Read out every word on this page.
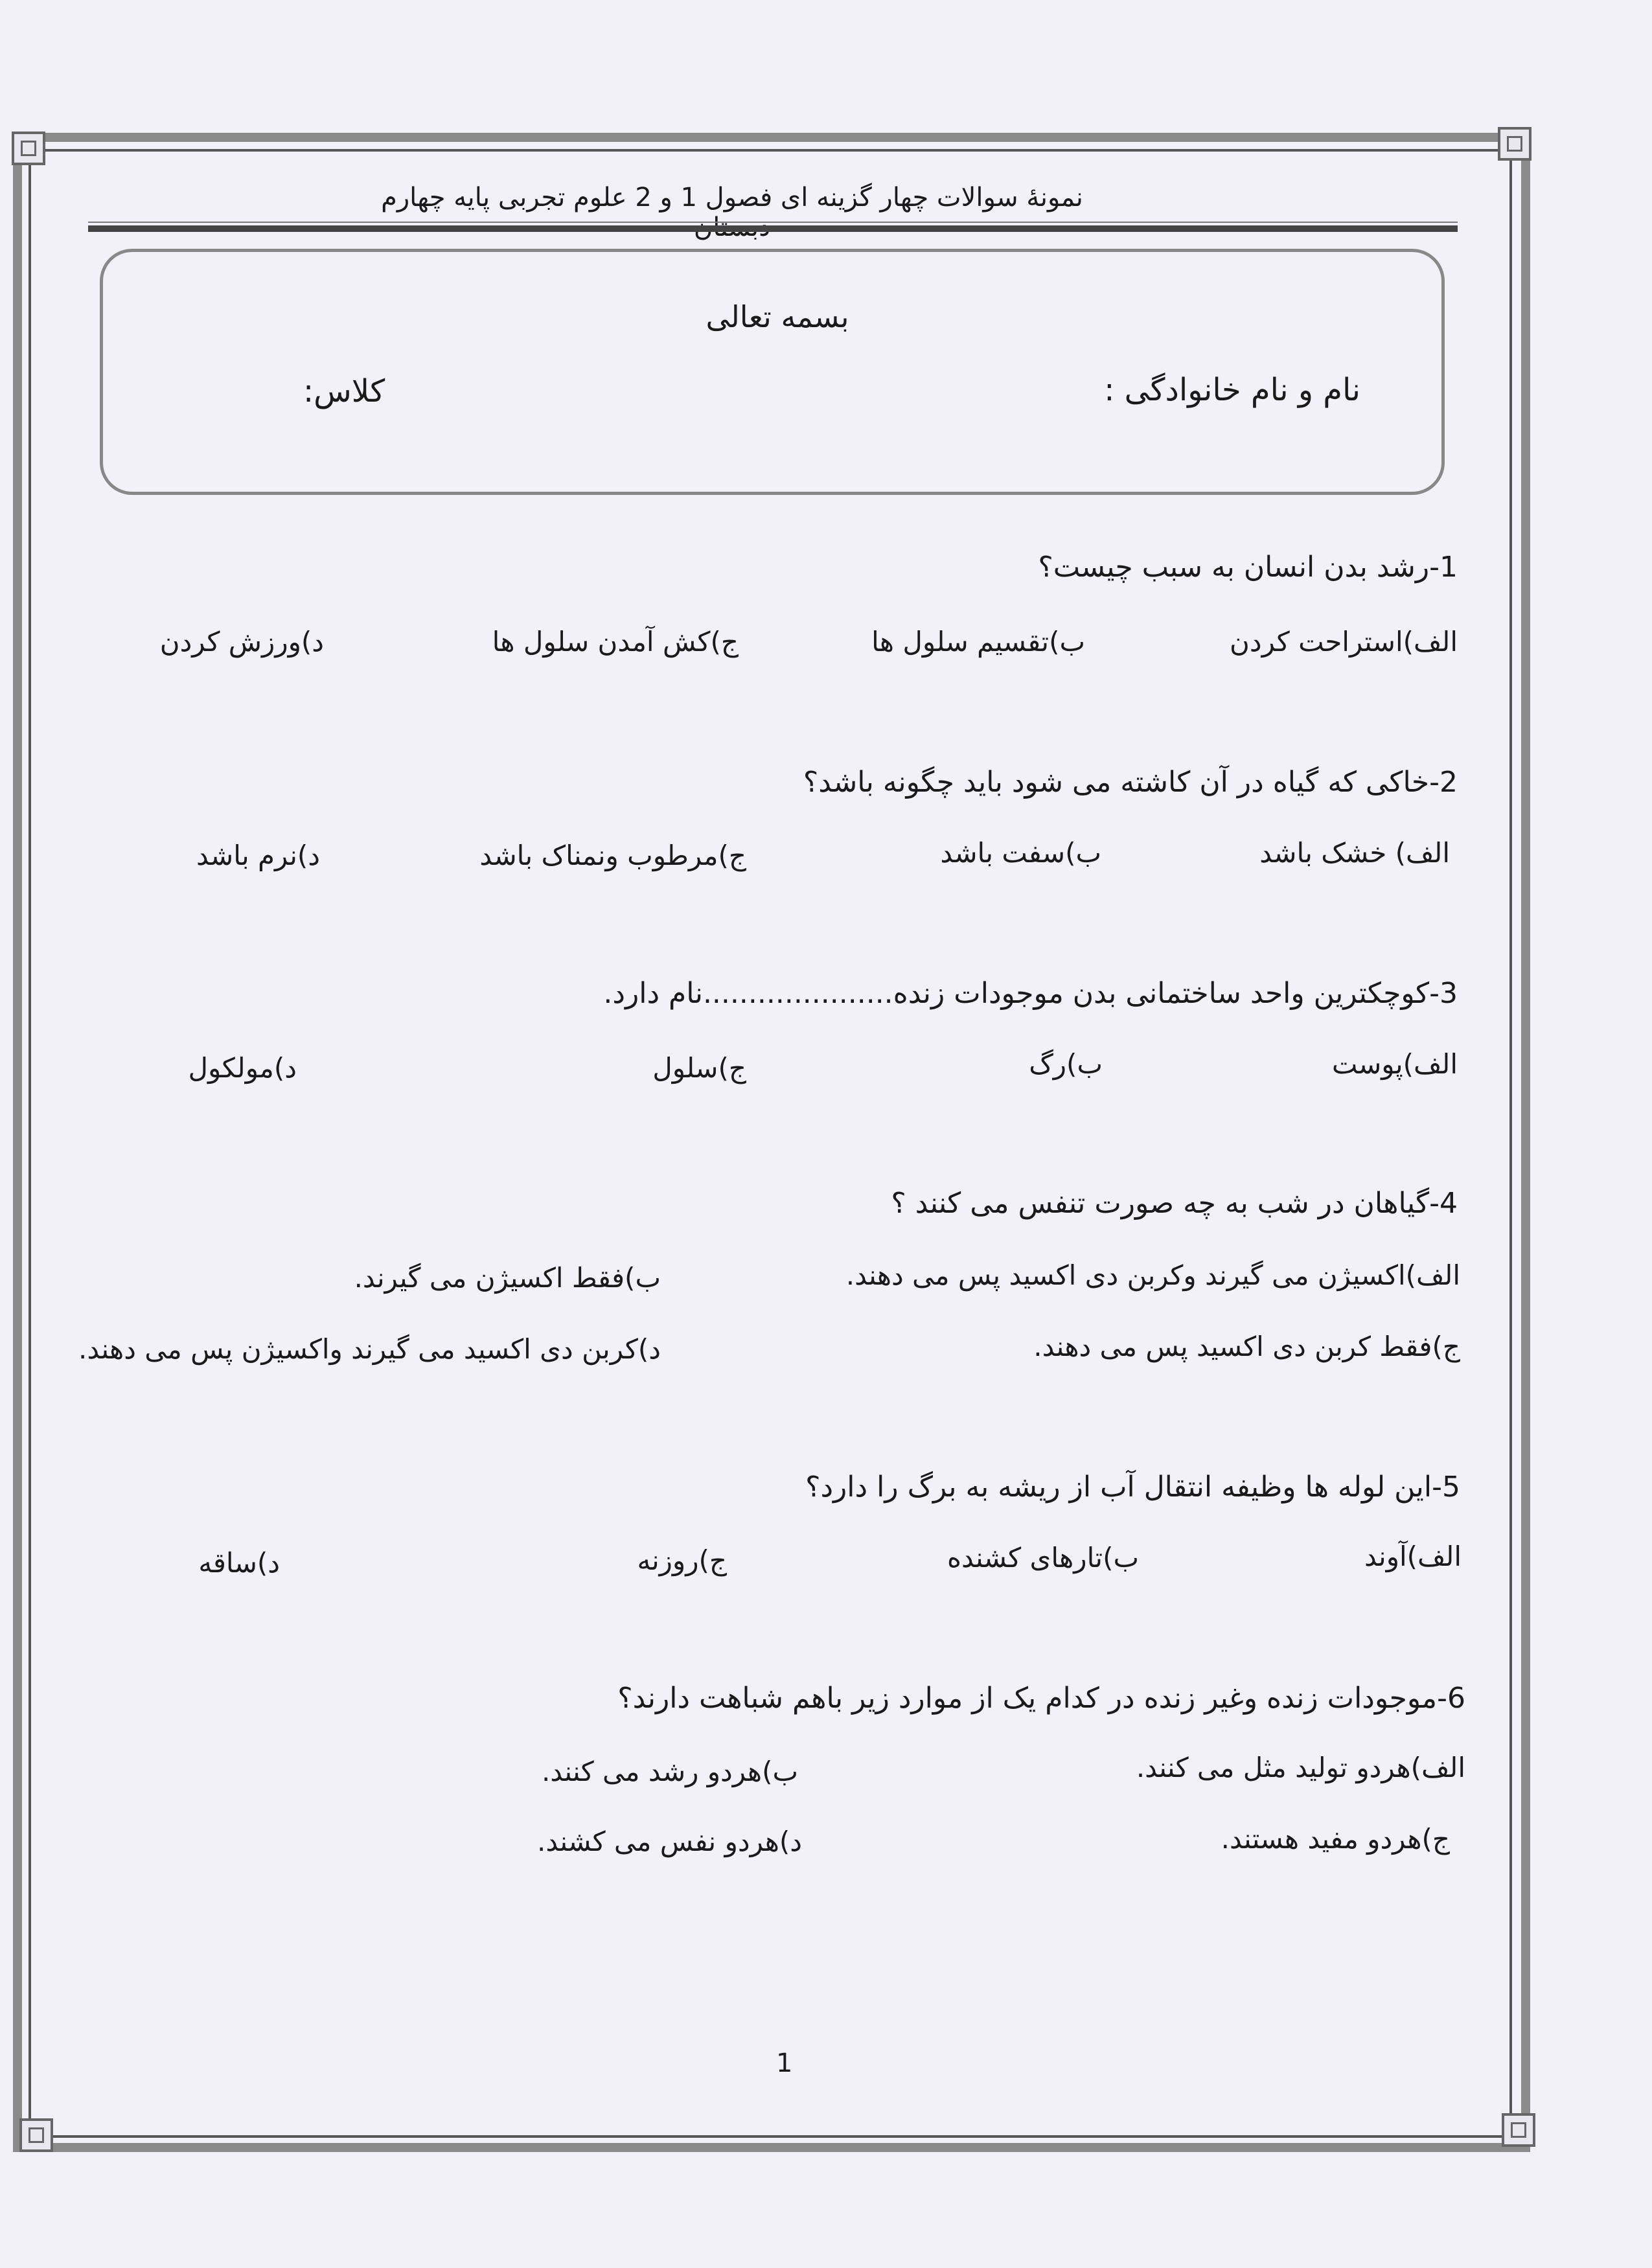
نمونۀ سوالات چهار گزینه ای فصول 1 و 2 علوم تجربی پایه چهارم
بسمه تعالی
نام و نام خانوادگی :
کلاس:
1-رشد بدن انسان به سبب چیست؟
الف)استراحت کردن
ب)تقسیم سلول ها
ج)کش آمدن سلول ها
د)ورزش کردن
2-خاکی که گیاه در آن کاشته می شود باید چگونه باشد؟
الف) خشک باشد
ب)سفت باشد
ج)مرطوب ونمناک باشد
د)نرم باشد
3-کوچکترین واحد ساختمانی بدن موجودات زنده.....................نام دارد.
الف)پوست
ب)رگ
ج)سلول
د)مولکول
4-گیاهان در شب به چه صورت تنفس می کنند ؟
الف)اکسیژن می گیرند وکربن دی اکسید پس می دهند.
ب)فقط اکسیژن می گیرند.
ج)فقط کربن دی اکسید پس می دهند.
د)کربن دی اکسید می گیرند واکسیژن پس می دهند.
5-این لوله ها وظیفه انتقال آب از ریشه به برگ را دارد؟
الف)آوند
ب)تارهای کشنده
ج)روزنه
د)ساقه
6-موجودات زنده وغیر زنده در کدام یک از موارد زیر باهم شباهت دارند؟
الف)هردو تولید مثل می کنند.
ب)هردو رشد می کنند.
ج)هردو مفید هستند.
د)هردو نفس می کشند.
1
